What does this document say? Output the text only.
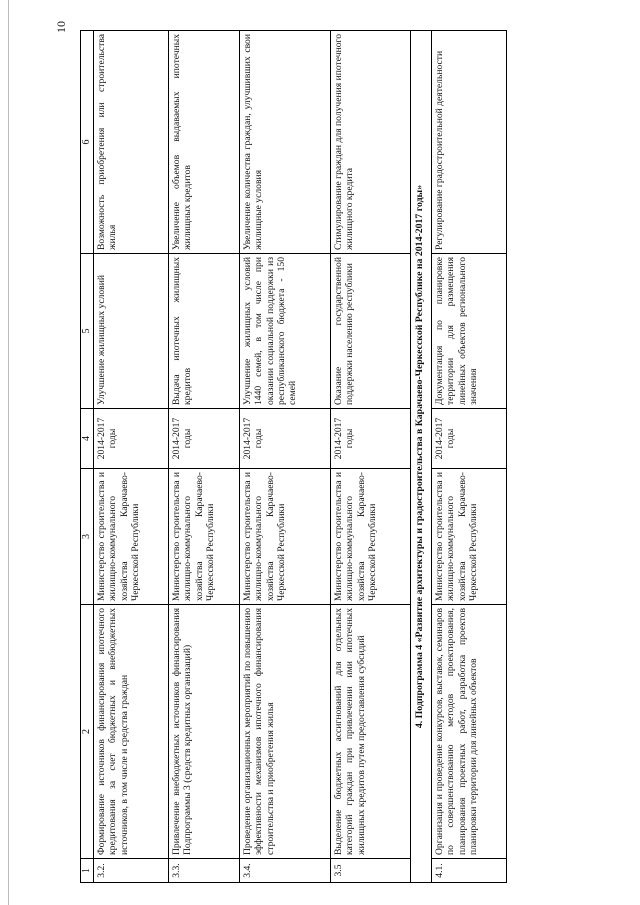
10
1	2	3	4	5	6
3.2.	Формирование источников финансирования ипотечного кредитования за счет бюджетных и внебюджетных источников, в том числе и средства граждан	Министерство строительства и жилищно-коммунального хозяйства Карачаево-Черкесской Республики	2014-2017 годы	Улучшение жилищных условий	Возможность приобретения или строительства жилья
3.3.	Привлечение внебюджетных источников финансирования Подпрограммы 3 (средств кредитных организаций)	Министерство строительства и жилищно-коммунального хозяйства Карачаево-Черкесской Республики	2014-2017 годы	Выдача ипотечных жилищных кредитов	Увеличение объемов выдаваемых ипотечных жилищных кредитов
3.4.	Проведение организационных мероприятий по повышению эффективности механизмов ипотечного финансирования строительства и приобретения жилья	Министерство строительства и жилищно-коммунального хозяйства Карачаево-Черкесской Республики	2014-2017 годы	Улучшение жилищных условий 1440 семей, в том числе при оказании социальной поддержки из республиканского бюджета - 150 семей	Увеличение количества граждан, улучшивших свои жилищные условия
3.5	Выделение бюджетных ассигнований для отдельных категорий граждан при привлечении ими ипотечных жилищных кредитов путем предоставления субсидий	Министерство строительства и жилищно-коммунального хозяйства Карачаево-Черкесской Республики	2014-2017 годы	Оказание государственной поддержки населению республики	Стимулирование граждан для получения ипотечного жилищного кредита
4. Подпрограмма 4 «Развитие архитектуры и градостроительства в Карачаево-Черкесской Республике на 2014-2017 годы»					
4.1.	Организация и проведение конкурсов, выставок, семинаров по совершенствованию методов проектирования, планирования проектных работ, разработка проектов планировки территории для линейных объектов	Министерство строительства и жилищно-коммунального хозяйства Карачаево-Черкесской Республики	2014-2017 годы	Документация по планировке территории для размещения линейных объектов регионального значения	Регулирование градостроительной деятельности
